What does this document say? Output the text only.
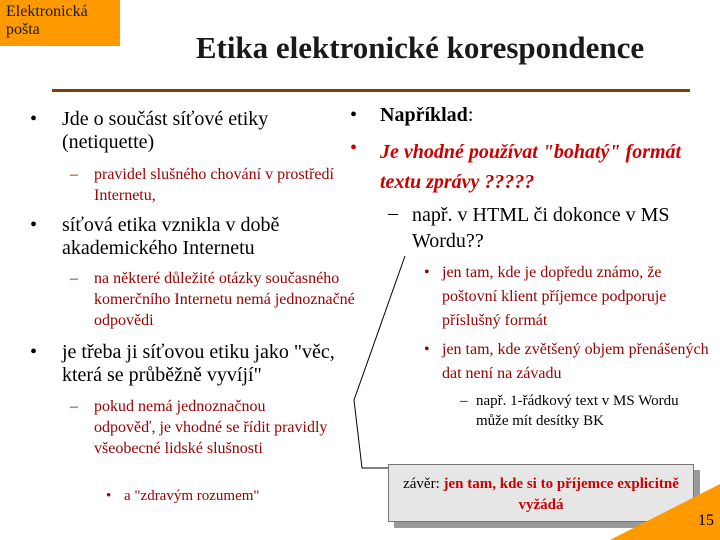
Elektronická pošta
Etika elektronické korespondence
• Jde o součást síťové etiky (netiquette)
– pravidel slušného chování v prostředí Internetu,
• síťová etika vznikla v době akademického Internetu
– na některé důležité otázky současného komerčního Internetu nemá jednoznačné odpovědi
• je třeba ji síťovou etiku jako "věc, která se průběžně vyvíjí"
– pokud nemá jednoznačnou odpověď, je vhodné se řídit pravidly všeobecné lidské slušnosti
• a "zdravým rozumem"
• Například:
• Je vhodné používat "bohatý" formát textu zprávy ?????
– např. v HTML či dokonce v MS Wordu??
• jen tam, kde je dopředu známo, že poštovní klient příjemce podporuje příslušný formát
• jen tam, kde zvětšený objem přenášených dat není na závadu
– např. 1-řádkový text v MS Wordu může mít desítky BK
závěr: jen tam, kde si to příjemce explicitně vyžádá
15
